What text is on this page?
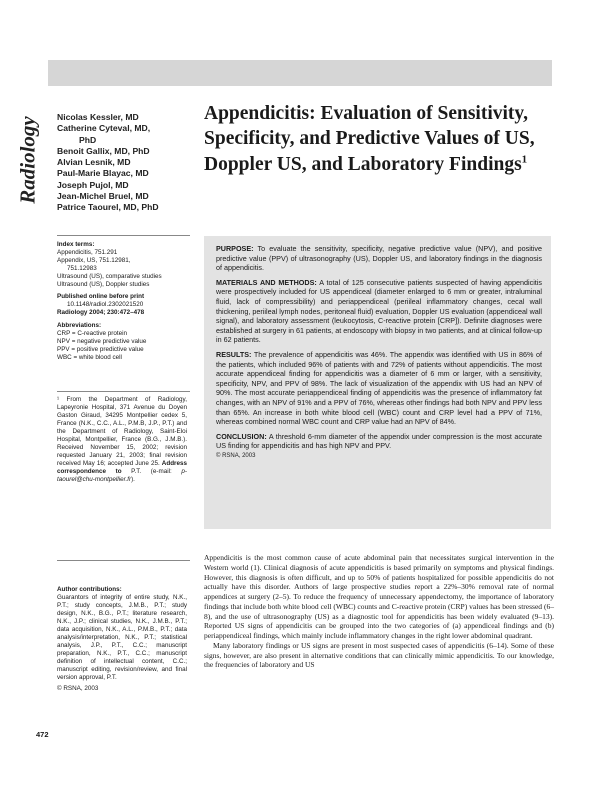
Radiology Nicolas Kessler, MD
Catherine Cyteval, MD,
PhD
Benoit Gallix, MD, PhD
Alvian Lesnik, MD
Paul-Marie Blayac, MD
Joseph Pujol, MD
Jean-Michel Bruel, MD
Patrice Taourel, MD, PhD
Index terms:
Appendicitis, 751.291
Appendix, US, 751.12981,
751.12983
Ultrasound (US), comparative studies
Ultrasound (US), Doppler studies
Published online before print
10.1148/radiol.2302021520
Radiology 2004; 230:472–478
Abbreviations:
CRP = C-reactive protein
NPV = negative predictive value
PPV = positive predictive value
WBC = white blood cell
¹ From the Department of Radiology, Lapeyronie Hospital, 371 Avenue du Doyen Gaston Giraud, 34295 Montpellier cedex 5, France (N.K., C.C., A.L., P.M.B, J.P., P.T.) and the Department of Radiology, Saint-Eloi Hospital, Montpellier, France (B.G., J.M.B.). Received November 15, 2002; revision requested January 21, 2003; final revision received May 16; accepted June 25. Address correspondence to P.T. (e-mail: p-taourel@chu-montpellier.fr).
Author contributions:
Guarantors of integrity of entire study, N.K., P.T.; study concepts, J.M.B., P.T.; study design, N.K., B.G., P.T.; literature research, N.K., J.P.; clinical studies, N.K., J.M.B., P.T.; data acquisition, N.K., A.L., P.M.B., P.T.; data analysis/interpretation, N.K., P.T.; statistical analysis, J.P., P.T., C.C.; manuscript preparation, N.K., P.T., C.C.; manuscript definition of intellectual content, C.C.; manuscript editing, revision/review, and final version approval, P.T.
© RSNA, 2003
Appendicitis: Evaluation of Sensitivity, Specificity, and Predictive Values of US, Doppler US, and Laboratory Findings$^1$

PURPOSE: To evaluate the sensitivity, specificity, negative predictive value (NPV), and positive predictive value (PPV) of ultrasonography (US), Doppler US, and laboratory findings in the diagnosis of appendicitis.

MATERIALS AND METHODS: A total of 125 consecutive patients suspected of having appendicitis were prospectively included for US appendiceal (diameter enlarged to 6 mm or greater, intraluminal fluid, lack of compressibility) and periappendiceal (periileal inflammatory changes, cecal wall thickening, periileal lymph nodes, peritoneal fluid) evaluation, Doppler US evaluation (appendiceal wall signal), and laboratory assessment (leukocytosis, C-reactive protein [CRP]). Definite diagnoses were established at surgery in 61 patients, at endoscopy with biopsy in two patients, and at clinical follow-up in 62 patients.

RESULTS: The prevalence of appendicitis was 46%. The appendix was identified with US in 86% of the patients, which included 96% of patients with and 72% of patients without appendicitis. The most accurate appendiceal finding for appendicitis was a diameter of 6 mm or larger, with a sensitivity, specificity, NPV, and PPV of 98%. The lack of visualization of the appendix with US had an NPV of 90%. The most accurate periappendiceal finding of appendicitis was the presence of inflammatory fat changes, with an NPV of 91% and a PPV of 76%, whereas other findings had both NPV and PPV less than 65%. An increase in both white blood cell (WBC) count and CRP level had a PPV of 71%, whereas combined normal WBC count and CRP value had an NPV of 84%.

CONCLUSION: A threshold 6-mm diameter of the appendix under compression is the most accurate US finding for appendicitis and has high NPV and PPV.

© RSNA, 2003

Appendicitis is the most common cause of acute abdominal pain that necessitates surgical intervention in the Western world (1). Clinical diagnosis of acute appendicitis is based primarily on symptoms and physical findings. However, this diagnosis is often difficult, and up to 50% of patients hospitalized for possible appendicitis do not actually have this disorder. Authors of large prospective studies report a 22%–30% removal rate of normal appendices at surgery (2–5). To reduce the frequency of unnecessary appendectomy, the importance of laboratory findings that include both white blood cell (WBC) counts and C-reactive protein (CRP) values has been stressed (6–8), and the use of ultrasonography (US) as a diagnostic tool for appendicitis has been widely evaluated (9–13). Reported US signs of appendicitis can be grouped into the two categories of (a) appendiceal findings and (b) periappendiceal findings, which mainly include inflammatory changes in the right lower abdominal quadrant.

Many laboratory findings or US signs are present in most suspected cases of appendicitis (6–14). Some of these signs, however, are also present in alternative conditions that can clinically mimic appendicitis. To our knowledge, the frequencies of laboratory and US

472
